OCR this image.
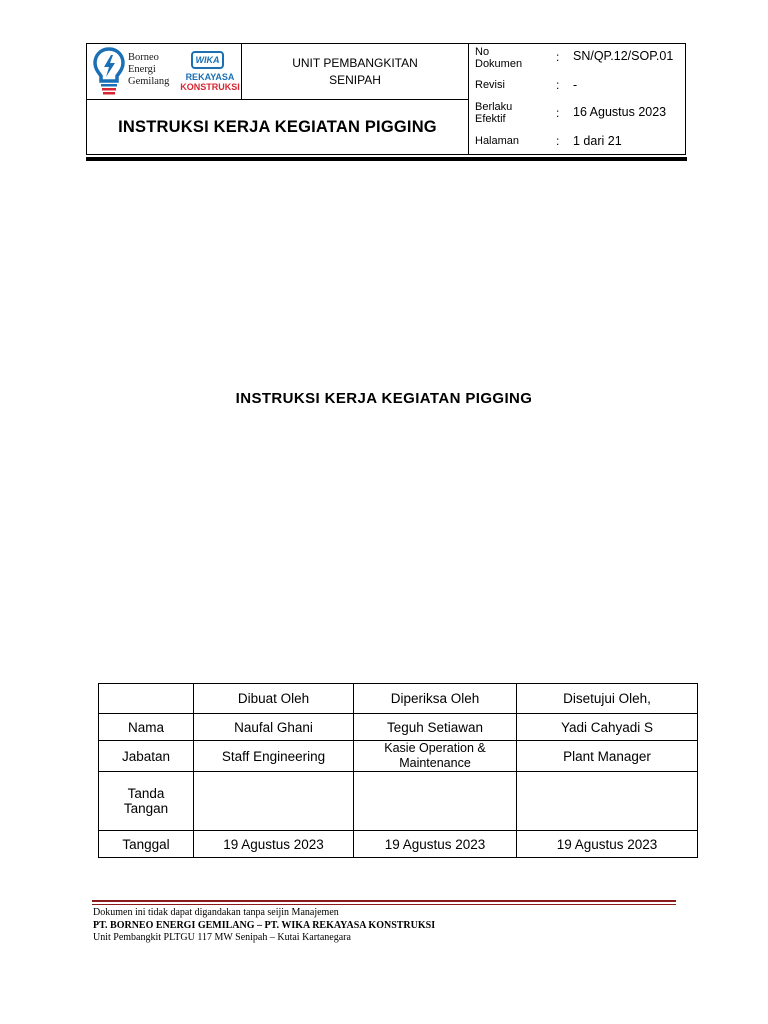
Borneo
Energi
Gemilang
WIKA
REKAYASA
KONSTRUKSI
UNIT PEMBANGKITAN
SENIPAH
INSTRUKSI KERJA KEGIATAN PIGGING
No Dokumen	: SN/QP.12/SOP.01
Revisi	: -
Berlaku Efektif	: 16 Agustus 2023
Halaman	: 1 dari 21
INSTRUKSI KERJA KEGIATAN PIGGING
	Dibuat Oleh	Diperiksa Oleh	Disetujui Oleh,
Nama	Naufal Ghani	Teguh Setiawan	Yadi Cahyadi S
Jabatan	Staff Engineering	Kasie Operation & Maintenance	Plant Manager
Tanda Tangan			
Tanggal	19 Agustus 2023	19 Agustus 2023	19 Agustus 2023
Dokumen ini tidak dapat digandakan tanpa seijin Manajemen
PT. BORNEO ENERGI GEMILANG – PT. WIKA REKAYASA KONSTRUKSI
Unit Pembangkit PLTGU 117 MW Senipah – Kutai Kartanegara
